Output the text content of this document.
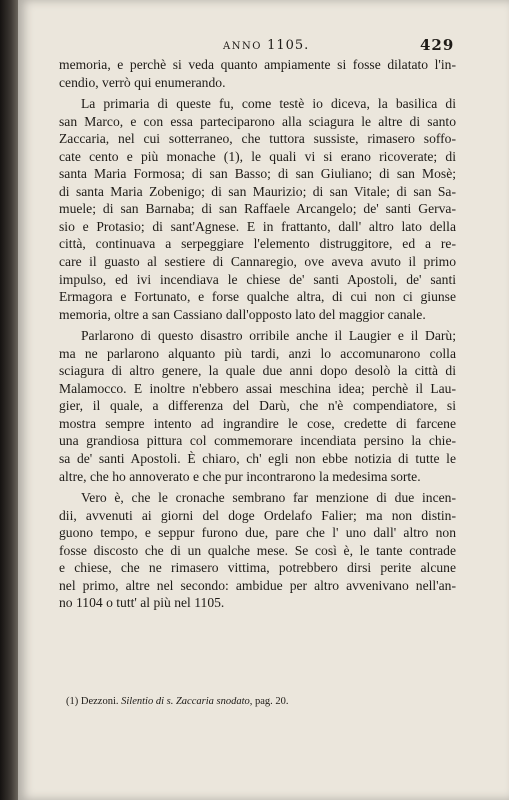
ANNO 1105.	429
memoria, e perchè si veda quanto ampiamente si fosse dilatato l'in-
cendio, verrò qui enumerando.
La primaria di queste fu, come testè io diceva, la basilica di
san Marco, e con essa parteciparono alla sciagura le altre di santo
Zaccaria, nel cui sotterraneo, che tuttora sussiste, rimasero soffo-
cate cento e più monache (1), le quali vi si erano ricoverate; di
santa Maria Formosa; di san Basso; di san Giuliano; di san Mosè;
di santa Maria Zobenigo; di san Maurizio; di san Vitale; di san Sa-
muele; di san Barnaba; di san Raffaele Arcangelo; de' santi Gerva-
sio e Protasio; di sant'Agnese. E in frattanto, dall' altro lato della
città, continuava a serpeggiare l'elemento distruggitore, ed a re-
care il guasto al sestiere di Cannaregio, ove aveva avuto il primo
impulso, ed ivi incendiava le chiese de' santi Apostoli, de' santi
Ermagora e Fortunato, e forse qualche altra, di cui non ci giunse
memoria, oltre a san Cassiano dall'opposto lato del maggior canale.
Parlarono di questo disastro orribile anche il Laugier e il Darù;
ma ne parlarono alquanto più tardi, anzi lo accomunarono colla
sciagura di altro genere, la quale due anni dopo desolò la città di
Malamocco. E inoltre n'ebbero assai meschina idea; perchè il Lau-
gier, il quale, a differenza del Darù, che n'è compendiatore, si
mostra sempre intento ad ingrandire le cose, credette di farcene
una grandiosa pittura col commemorare incendiata persino la chie-
sa de' santi Apostoli. È chiaro, ch' egli non ebbe notizia di tutte le
altre, che ho annoverato e che pur incontrarono la medesima sorte.
Vero è, che le cronache sembrano far menzione di due incen-
dii, avvenuti ai giorni del doge Ordelafo Falier; ma non distin-
guono tempo, e seppur furono due, pare che l' uno dall' altro non
fosse discosto che di un qualche mese. Se così è, le tante contrade
e chiese, che ne rimasero vittima, potrebbero dirsi perite alcune
nel primo, altre nel secondo: ambidue per altro avvenivano nell'an-
no 1104 o tutt' al più nel 1105.
(1) Dezzoni. Silentio di s. Zaccaria snodato, pag. 20.
